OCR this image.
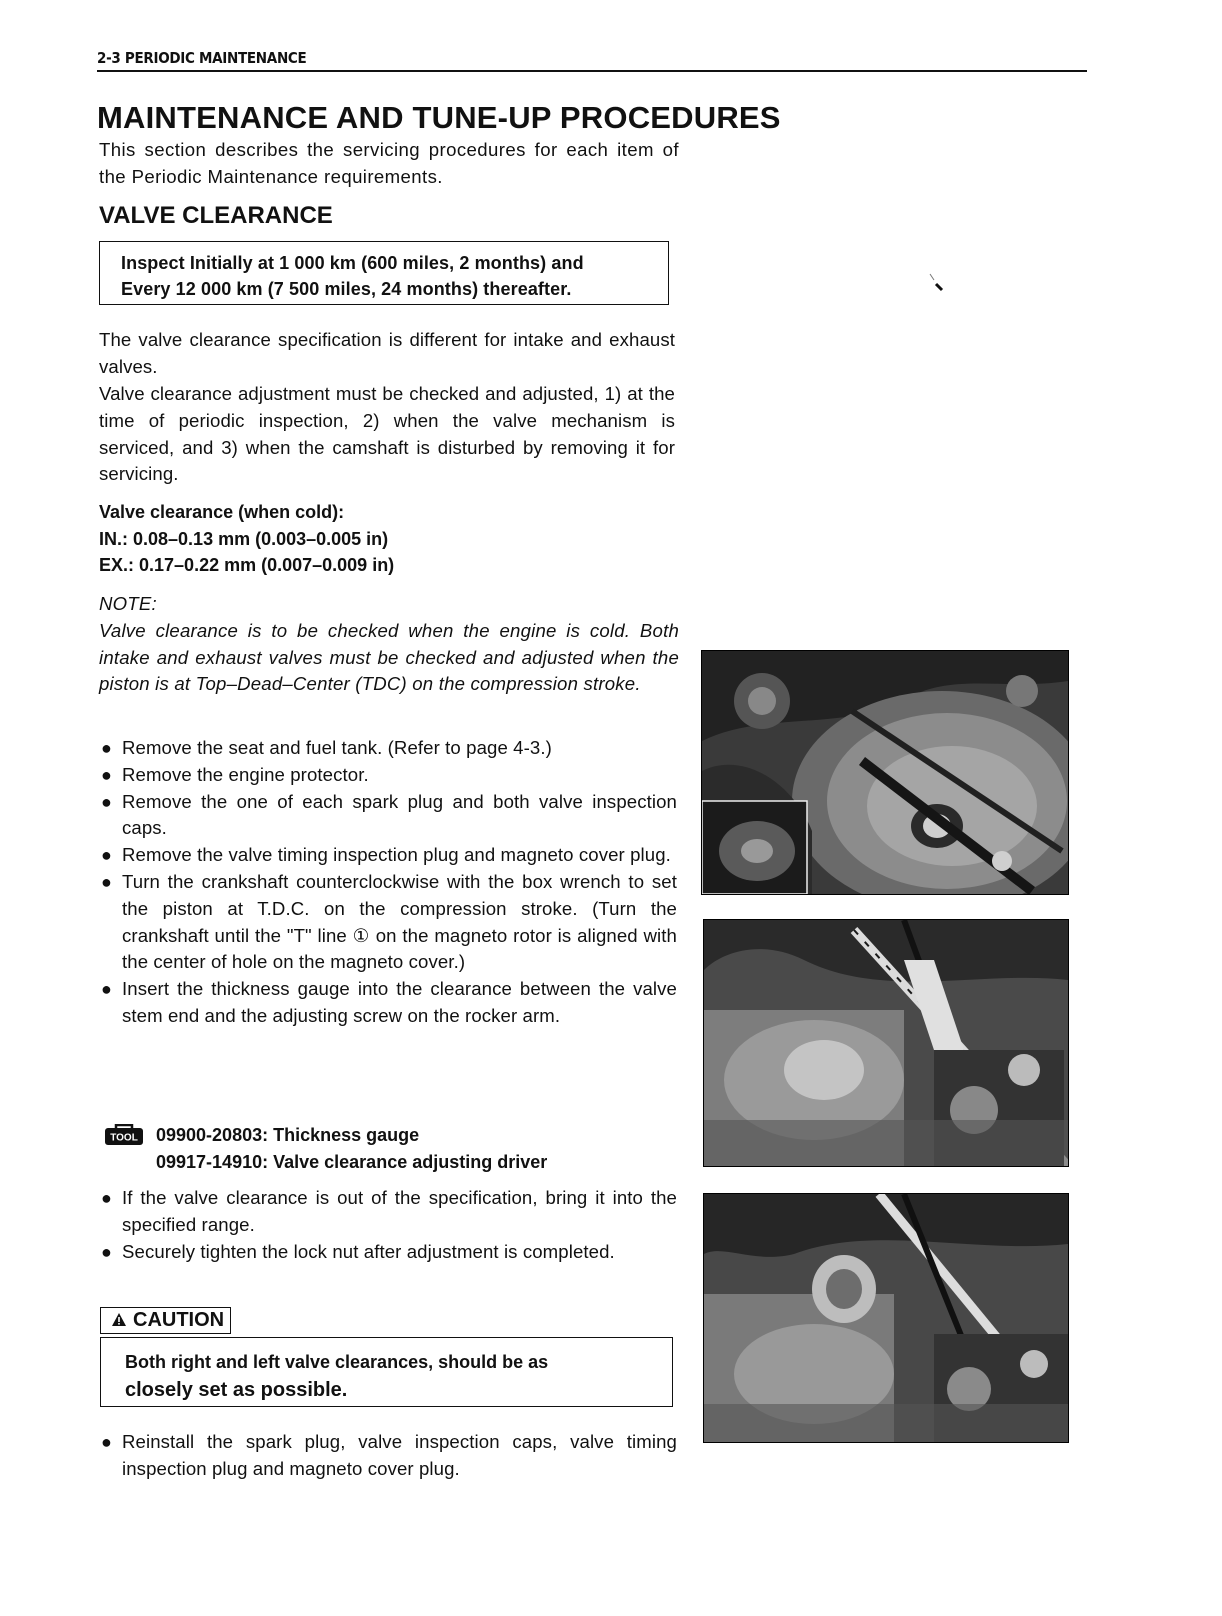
2-3 PERIODIC MAINTENANCE
MAINTENANCE AND TUNE-UP PROCEDURES

This section describes the servicing procedures for each item of the Periodic Maintenance requirements.

VALVE CLEARANCE
Inspect Initially at 1 000 km (600 miles, 2 months) and
Every 12 000 km (7 500 miles, 24 months) thereafter.

The valve clearance specification is different for intake and exhaust valves.

Valve clearance adjustment must be checked and adjusted, 1) at the time of periodic inspection, 2) when the valve mechanism is serviced, and 3) when the camshaft is disturbed by removing it for servicing.

Valve clearance (when cold):
IN.: 0.08–0.13 mm (0.003–0.005 in)
EX.: 0.17–0.22 mm (0.007–0.009 in)
NOTE:
Valve clearance is to be checked when the engine is cold. Both intake and exhaust valves must be checked and adjusted when the piston is at Top–Dead–Center (TDC) on the compression stroke.
● Remove the seat and fuel tank. (Refer to page 4-3.)
● Remove the engine protector.
● Remove the one of each spark plug and both valve inspection caps.
● Remove the valve timing inspection plug and magneto cover plug.
● Turn the crankshaft counterclockwise with the box wrench to set the piston at T.D.C. on the compression stroke. (Turn the crankshaft until the "T" line ① on the magneto rotor is aligned with the center of hole on the magneto cover.)
● Insert the thickness gauge into the clearance between the valve stem end and the adjusting screw on the rocker arm.
TOOL 09900-20803: Thickness gauge
09917-14910: Valve clearance adjusting driver
● If the valve clearance is out of the specification, bring it into the specified range.
● Securely tighten the lock nut after adjustment is completed.
CAUTION
Both right and left valve clearances, should be as
closely set as possible.
● Reinstall the spark plug, valve inspection caps, valve timing inspection plug and magneto cover plug.
